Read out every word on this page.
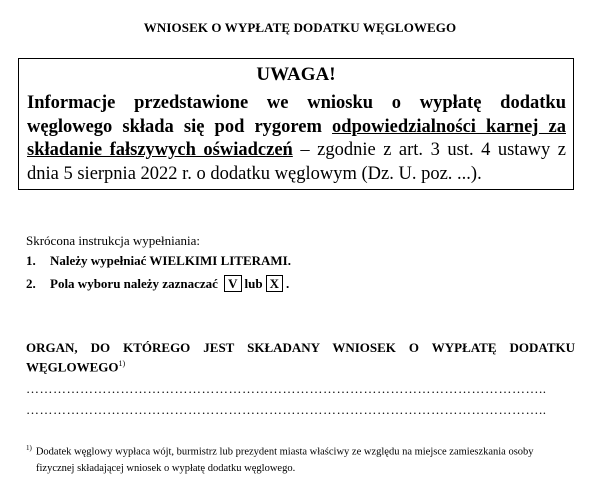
WNIOSEK O WYPŁATĘ DODATKU WĘGLOWEGO
UWAGA!
Informacje przedstawione we wniosku o wypłatę dodatku węglowego składa się pod rygorem odpowiedzialności karnej za składanie fałszywych oświadczeń – zgodnie z art. 3 ust. 4 ustawy z dnia 5 sierpnia 2022 r. o dodatku węglowym (Dz. U. poz. ...).
Skrócona instrukcja wypełniania:
1. Należy wypełniać WIELKIMI LITERAMI.
2. Pola wyboru należy zaznaczać V lub X .
ORGAN, DO KTÓREGO JEST SKŁADANY WNIOSEK O WYPŁATĘ DODATKU WĘGLOWEGO$^{1)}$
……………………………………………………………………………………………………..
……………………………………………………………………………………………………..
$^{1)}$ Dodatek węglowy wypłaca wójt, burmistrz lub prezydent miasta właściwy ze względu na miejsce zamieszkania osoby
fizycznej składającej wniosek o wypłatę dodatku węglowego.
